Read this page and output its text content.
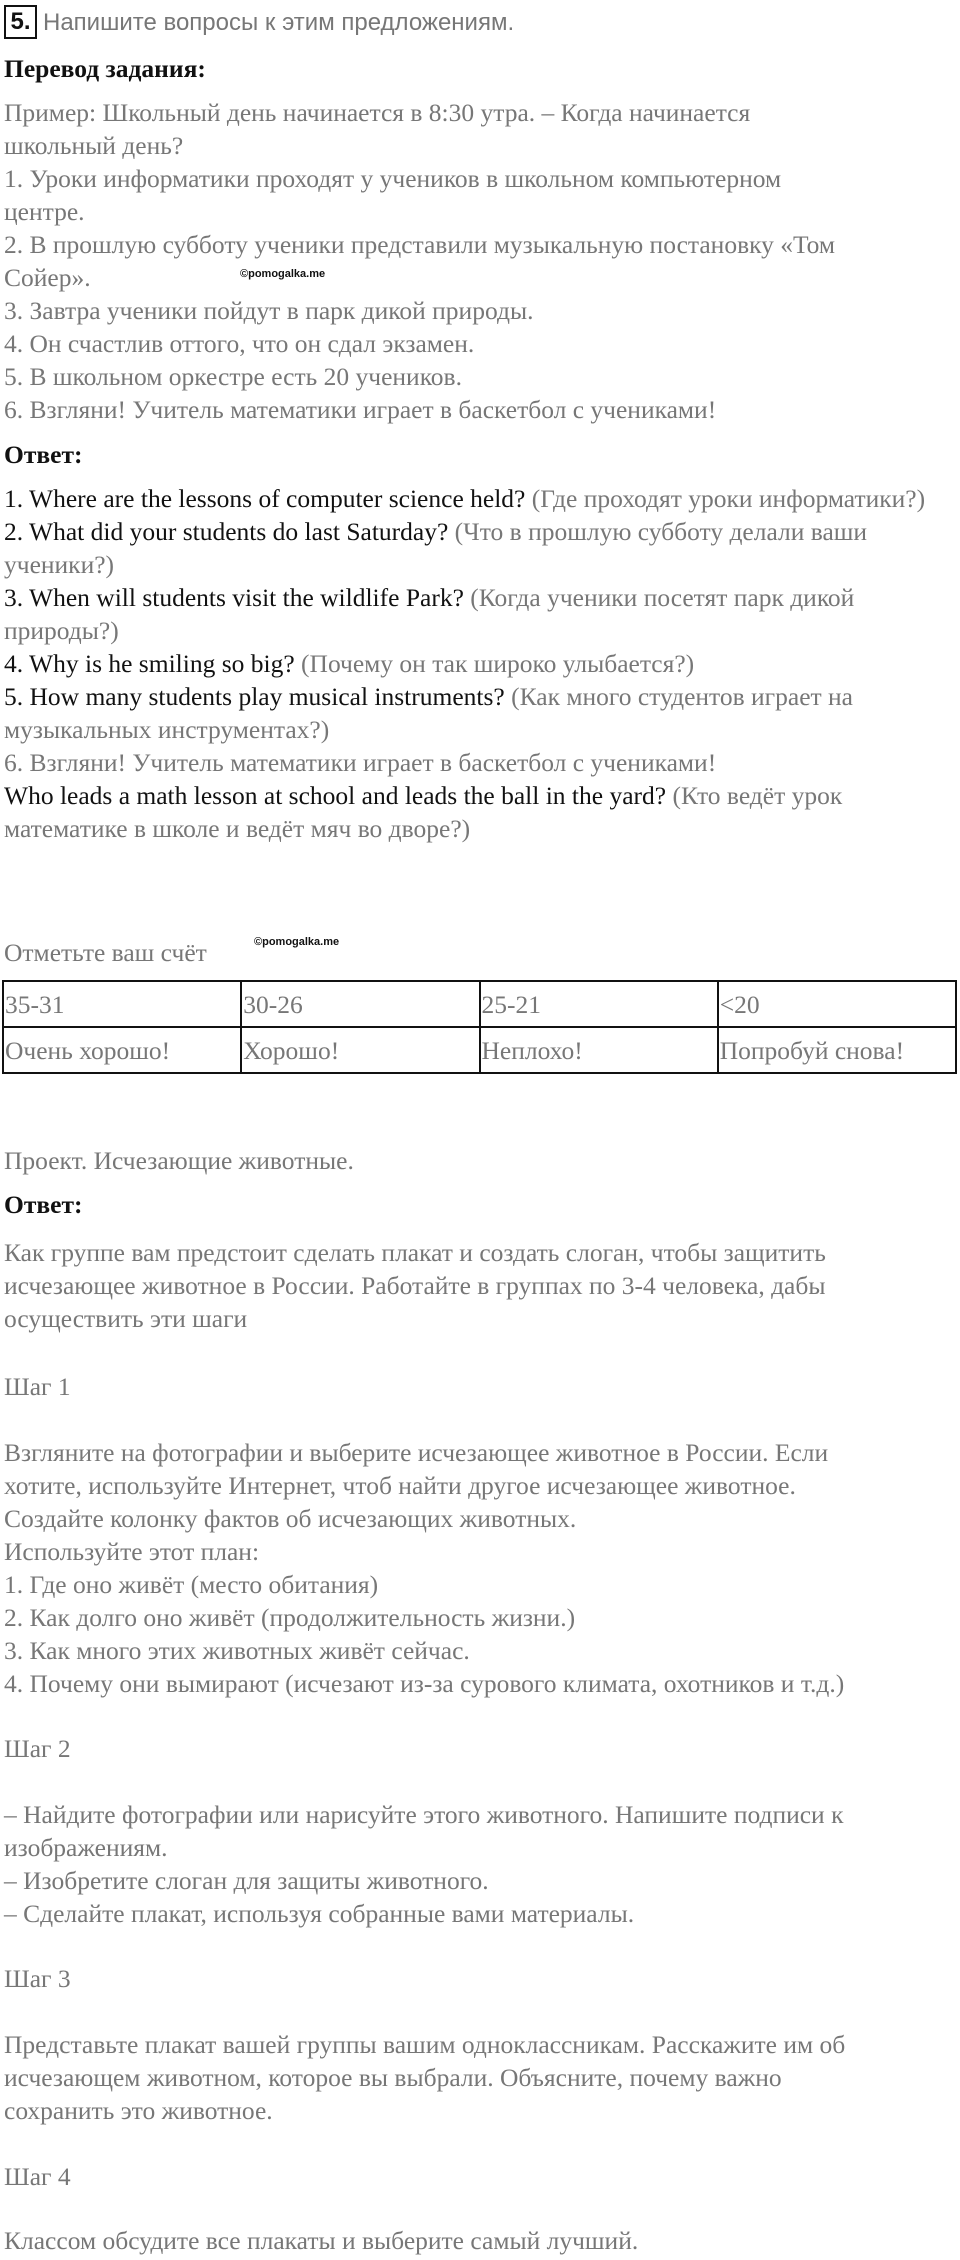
5. Напишите вопросы к этим предложениям.
Перевод задания:
Пример: Школьный день начинается в 8:30 утра. – Когда начинается
школьный день?
1. Уроки информатики проходят у учеников в школьном компьютерном
центре.
2. В прошлую субботу ученики представили музыкальную постановку «Том
Сойер».
3. Завтра ученики пойдут в парк дикой природы.
4. Он счастлив оттого, что он сдал экзамен.
5. В школьном оркестре есть 20 учеников.
6. Взгляни! Учитель математики играет в баскетбол с учениками!
©pomogalka.me
Ответ:
1. Where are the lessons of computer science held? (Где проходят уроки информатики?)
2. What did your students do last Saturday? (Что в прошлую субботу делали ваши ученики?)
3. When will students visit the wildlife Park? (Когда ученики посетят парк дикой природы?)
4. Why is he smiling so big? (Почему он так широко улыбается?)
5. How many students play musical instruments? (Как много студентов играет на музыкальных инструментах?)
6. Взгляни! Учитель математики играет в баскетбол с учениками!
Who leads a math lesson at school and leads the ball in the yard? (Кто ведёт урок математике в школе и ведёт мяч во дворе?)
Отметьте ваш счёт	©pomogalka.me
35-31	30-26	25-21	<20
Очень хорошо!	Хорошо!	Неплохо!	Попробуй снова!
Проект. Исчезающие животные.
Ответ:
Как группе вам предстоит сделать плакат и создать слоган, чтобы защитить исчезающее животное в России. Работайте в группах по 3-4 человека, дабы осуществить эти шаги
Шаг 1
Взгляните на фотографии и выберите исчезающее животное в России. Если
хотите, используйте Интернет, чтоб найти другое исчезающее животное.
Создайте колонку фактов об исчезающих животных.
Используйте этот план:
1. Где оно живёт (место обитания)
2. Как долго оно живёт (продолжительность жизни.)
3. Как много этих животных живёт сейчас.
4. Почему они вымирают (исчезают из-за сурового климата, охотников и т.д.)
Шаг 2
– Найдите фотографии или нарисуйте этого животного. Напишите подписи к
изображениям.
– Изобретите слоган для защиты животного.
– Сделайте плакат, используя собранные вами материалы.
Шаг 3
Представьте плакат вашей группы вашим одноклассникам. Расскажите им об
исчезающем животном, которое вы выбрали. Объясните, почему важно
сохранить это животное.
Шаг 4
Классом обсудите все плакаты и выберите самый лучший.
